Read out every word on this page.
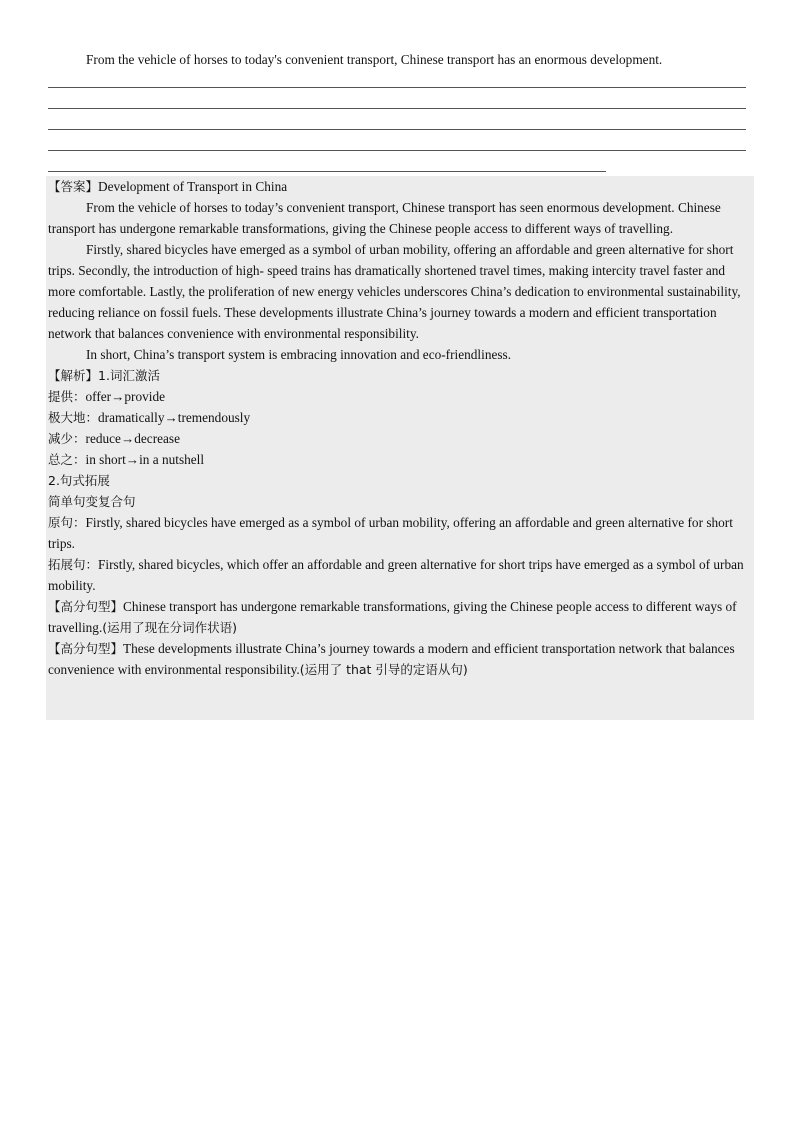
From the vehicle of horses to today's convenient transport, Chinese transport has an enormous development.
【答案】Development of Transport in China
From the vehicle of horses to today’s convenient transport, Chinese transport has seen enormous development. Chinese transport has undergone remarkable transformations, giving the Chinese people access to different ways of travelling.
Firstly, shared bicycles have emerged as a symbol of urban mobility, offering an affordable and green alternative for short trips. Secondly, the introduction of high- speed trains has dramatically shortened travel times, making intercity travel faster and more comfortable. Lastly, the proliferation of new energy vehicles underscores China’s dedication to environmental sustainability, reducing reliance on fossil fuels. These developments illustrate China’s journey towards a modern and efficient transportation network that balances convenience with environmental responsibility.
In short, China’s transport system is embracing innovation and eco-friendliness.
【解析】1.词汇激活
提供：offer→provide
极大地：dramatically→tremendously
减少：reduce→decrease
总之：in short→in a nutshell
2.句式拓展
简单句变复合句
原句：Firstly, shared bicycles have emerged as a symbol of urban mobility, offering an affordable and green alternative for short trips.
拓展句：Firstly, shared bicycles, which offer an affordable and green alternative for short trips have emerged as a symbol of urban mobility.
【高分句型】Chinese transport has undergone remarkable transformations, giving the Chinese people access to different ways of travelling.(运用了现在分词作状语)
【高分句型】These developments illustrate China’s journey towards a modern and efficient transportation network that balances convenience with environmental responsibility.(运用了 that 引导的定语从句)
